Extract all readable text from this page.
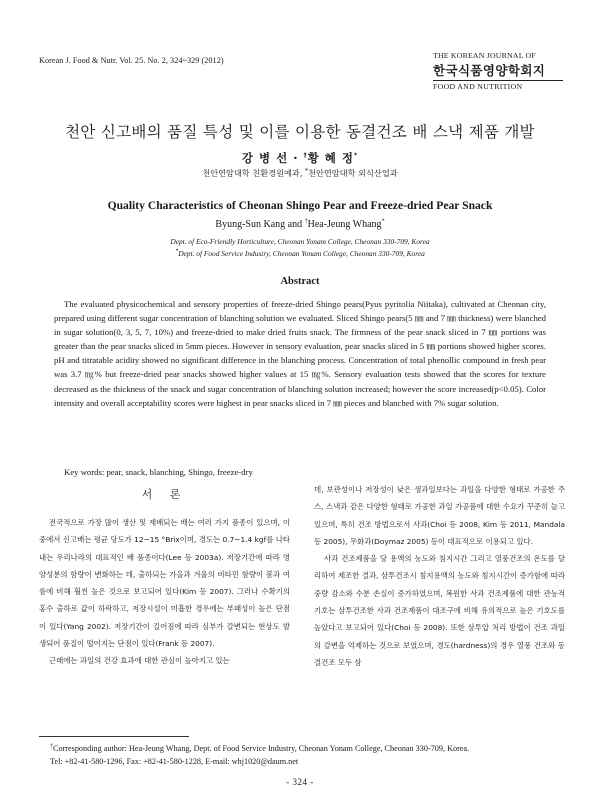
Korean J. Food & Nutr. Vol. 25. No. 2, 324~329 (2012)
THE KOREAN JOURNAL OF
한국식품영양학회지
FOOD AND NUTRITION
천안 신고배의 품질 특성 및 이를 이용한 동결건조 배 스낵 제품 개발
강 병 선 · †황 혜 정*
천안연암대학 친환경원예과, *천안연암대학 외식산업과
Quality Characteristics of Cheonan Shingo Pear and Freeze-dried Pear Snack
Byung-Sun Kang and †Hea-Jeung Whang*
Dept. of Eco-Friendly Horticulture, Cheonan Yonam College, Cheonan 330-709, Korea
*Dept. of Food Service Industry, Cheonan Yonam College, Cheonan 330-709, Korea
Abstract
The evaluated physicochemical and sensory properties of freeze-dried Shingo pears(Pyus pyritolia Niitaka), cultivated at Cheonan city, prepared using different sugar concentration of blanching solution we evaluated. Sliced Shingo pears(5 ㎜ and 7 ㎜ thickness) were blanched in sugar solution(0, 3, 5, 7, 10%) and freeze-dried to make dried fruits snack. The firmness of the pear snack sliced in 7 ㎜ portions was greater than the pear snacks sliced in 5mm pieces. However in sensory evaluation, pear snacks sliced in 5 ㎜ portions showed higher scores. pH and titratable acidity showed no significant difference in the blanching process. Concentration of total phenollic compound in fresh pear was 3.7 ㎎% but freeze-dried pear snacks showed higher values at 15 ㎎%. Sensory evaluation tests showed that the scores for texture decreased as the thickness of the snack and sugar concentration of blanching solution increased; however the score increased(p<0.05). Color intensity and overall acceptability scores were highest in pear snacks sliced in 7 ㎜ pieces and blanched with 7% sugar solution.
Key words: pear, snack, blanching, Shingo, freeze-dry
서 론

전국적으로 가장 많이 생산 및 재배되는 배는 여러 가지 품종이 있으며, 이중에서 신고배는 평균 당도가 12~15 °Brix이며, 경도는 0.7~1.4 kgf를 나타내는 우리나라의 대표적인 배 품종이다(Lee 등 2003a). 저장기간에 따라 영양성분의 함량이 변화하는 데, 출하되는 가을과 겨울의 비타민 함량이 봄과 여름에 비해 훨씬 높은 것으로 보고되어 있다(Kim 등 2007). 그러나 수확기의 홍수 출하로 값이 하락하고, 저장시설이 미흡한 경우에는 부패성이 높은 단점이 있다(Yang 2002). 저장기간이 길어짐에 따라 심부가 갈변되는 현상도 발생되어 품질이 떨어지는 단점이 있다(Frank 등 2007).

근래에는 과일의 건강 효과에 대한 관심이 높아지고 있는

데, 보관성이나 저장성이 낮은 생과일보다는 과일을 다양한 형태로 가공한 주스, 스낵과 같은 다양한 형태로 가공한 과일 가공품에 대한 수요가 꾸준히 늘고 있으며, 특히 건조 방법으로서 사과(Choi 등 2008, Kim 등 2011, Mandala 등 2005), 무화과(Doymaz 2005) 등이 대표적으로 이용되고 있다.

사과 건조제품을 당 용액의 농도와 침지시간 그리고 열풍건조의 온도를 달리하여 제조한 결과, 삼투건조시 침지용액의 농도와 침지시간이 증가함에 따라 중량 감소와 수분 손실이 증가하였으며, 복원한 사과 건조제품에 대한 관능적 기호는 삼투건조한 사과 건조제품이 대조구에 비해 유의적으로 높은 기호도를 높았다고 보고되어 있다(Choi 등 2008). 또한 삼투압 처리 방법이 건조 과일의 갈변을 억제하는 것으로 보였으며, 경도(hardness)의 경우 열풍 건조와 동결건조 모두 삼

†Corresponding author: Hea-Jeung Whang, Dept. of Food Service Industry, Cheonan Yonam College, Cheonan 330-709, Korea.
Tel: +82-41-580-1296, Fax: +82-41-580-1228, E-mail: whj1020@daum.net
- 324 -
